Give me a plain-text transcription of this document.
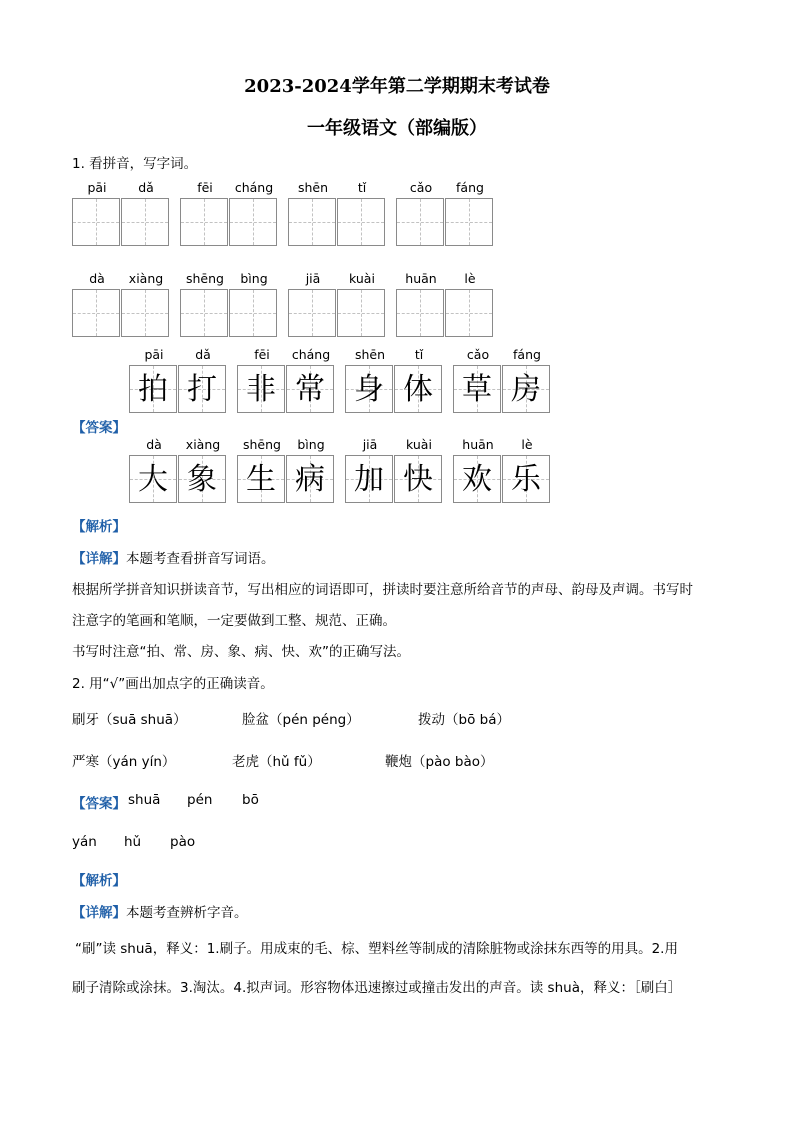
2023-2024学年第二学期期末考试卷
一年级语文（部编版）
1. 看拼音，写字词。
pāi	dǎ	fēi	cháng	shēn	tǐ	cǎo	fáng
dà	xiàng	shēng	bìng	jiā	kuài	huān	lè
pāi	dǎ
拍 打
fēi	cháng
非 常
shēn	tǐ
身 体
cǎo	fáng
草 房
dà	xiàng
大 象
shēng	bìng
生 病
jiā	kuài
加 快
huān	lè
欢 乐
【答案】
【解析】
【详解】本题考查看拼音写词语。
根据所学拼音知识拼读音节，写出相应的词语即可，拼读时要注意所给音节的声母、韵母及声调。书写时
注意字的笔画和笔顺，一定要做到工整、规范、正确。
书写时注意“拍、常、房、象、病、快、欢”的正确写法。
2. 用“√”画出加点字的正确读音。
刷牙（suā shuā）	脸盆（pén péng）	拨动（bō bá）
严寒（yán yín）	老虎（hǔ fǔ）	鞭炮（pào bào）
【答案】 shuā pén bō
yán hǔ pào
【解析】
【详解】本题考查辨析字音。
“刷”读 shuā，释义：1.刷子。用成束的毛、棕、塑料丝等制成的清除脏物或涂抹东西等的用具。2.用
刷子清除或涂抹。3.淘汰。4.拟声词。形容物体迅速擦过或撞击发出的声音。读 shuà，释义：［刷白］
